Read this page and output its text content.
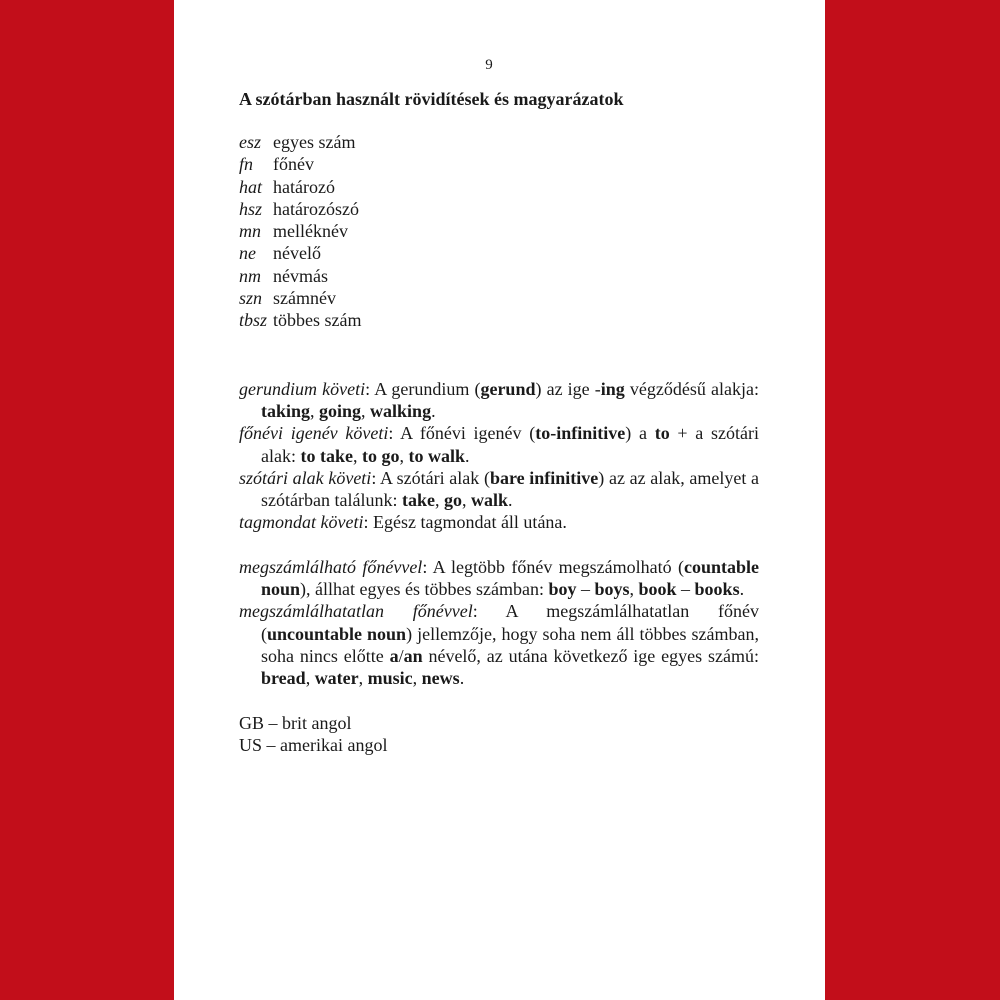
9
A szótárban használt rövidítések és magyarázatok
esz egyes szám
fn	főnév
hat határozó
hsz határozószó
mn melléknév
ne névelő
nm névmás
szn számnév
tbsz többes szám

gerundium követi: A gerundium (gerund) az ige -ing végződésű alakja: taking, going, walking.

főnévi igenév követi: A főnévi igenév (to-infinitive) a to + a szótári alak: to take, to go, to walk.

szótári alak követi: A szótári alak (bare infinitive) az az alak, amelyet a szótárban találunk: take, go, walk.

tagmondat követi: Egész tagmondat áll utána.

megszámlálható főnévvel: A legtöbb főnév megszámolható (countable noun), állhat egyes és többes számban: boy – boys, book – books.

megszámlálhatatlan főnévvel: A megszámlálhatatlan főnév (uncountable noun) jellemzője, hogy soha nem áll többes számban, soha nincs előtte a/an névelő, az utána következő ige egyes számú: bread, water, music, news.

GB – brit angol

US – amerikai angol
